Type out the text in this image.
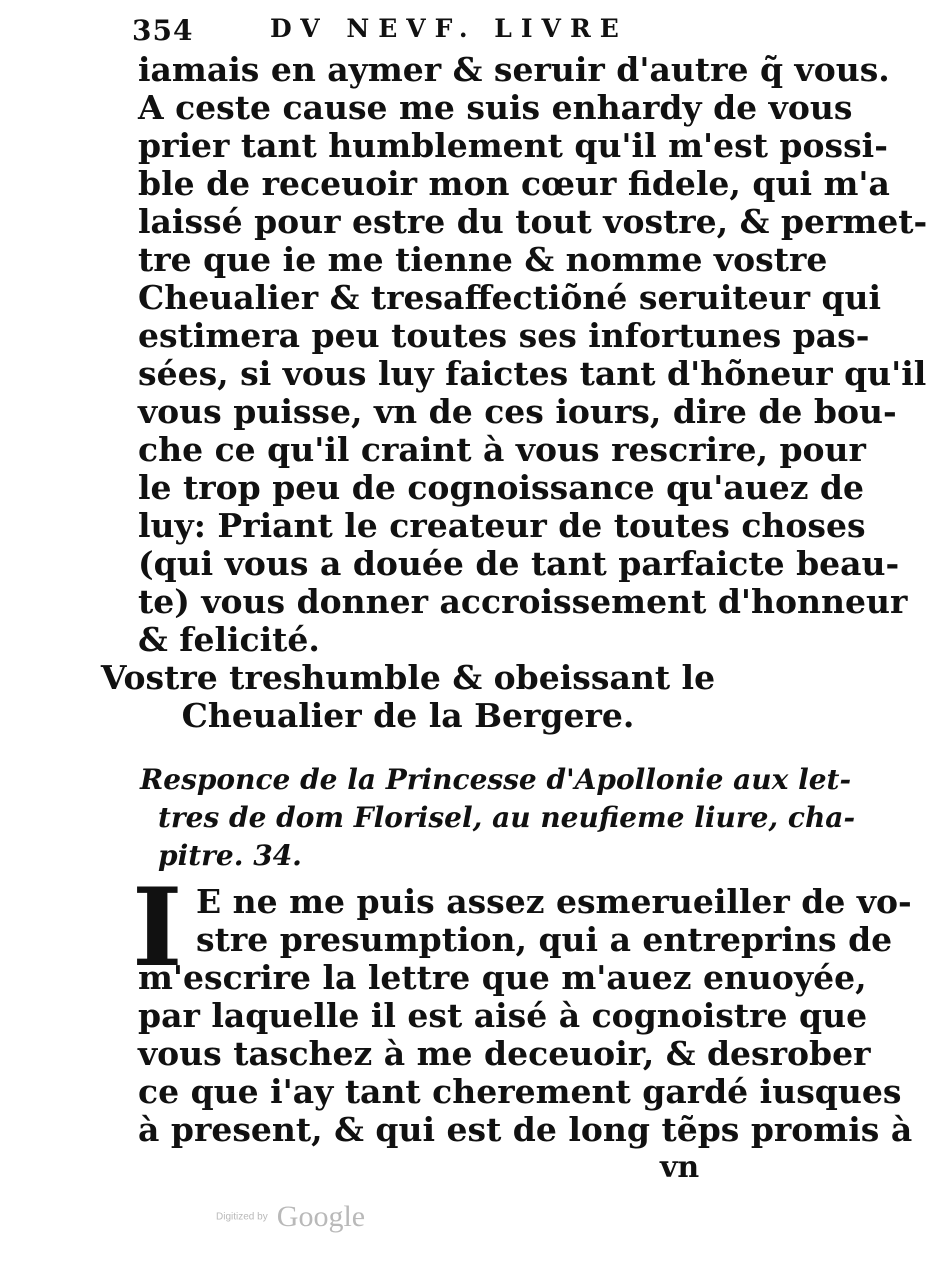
354	DV NEVF. LIVRE
iamais en aymer & seruir d'autre q̃ vous.
A ceste cause me suis enhardy de vous
prier tant humblement qu'il m'est possi-
ble de receuoir mon cœur fidele, qui m'a
laissé pour estre du tout vostre, & permet-
tre que ie me tienne & nomme vostre
Cheualier & tresaffectiõné seruiteur qui
estimera peu toutes ses infortunes pas-
sées, si vous luy faictes tant d'hõneur qu'il
vous puisse, vn de ces iours, dire de bou-
che ce qu'il craint à vous rescrire, pour
le trop peu de cognoissance qu'auez de
luy: Priant le createur de toutes choses
(qui vous a douée de tant parfaicte beau-
te) vous donner accroissement d'honneur
& felicité.
Vostre treshumble & obeissant le
Cheualier de la Bergere.
Responce de la Princesse d'Apollonie aux let-
tres de dom Florisel, au neufieme liure, cha-
pitre. 34.
I E ne me puis assez esmerueiller de vo-
stre presumption, qui a entreprins de
m'escrire la lettre que m'auez enuoyée,
par laquelle il est aisé à cognoistre que
vous taschez à me deceuoir, & desrober
ce que i'ay tant cherement gardé iusques
à present, & qui est de long tẽps promis à
vn
Digitized by Google
